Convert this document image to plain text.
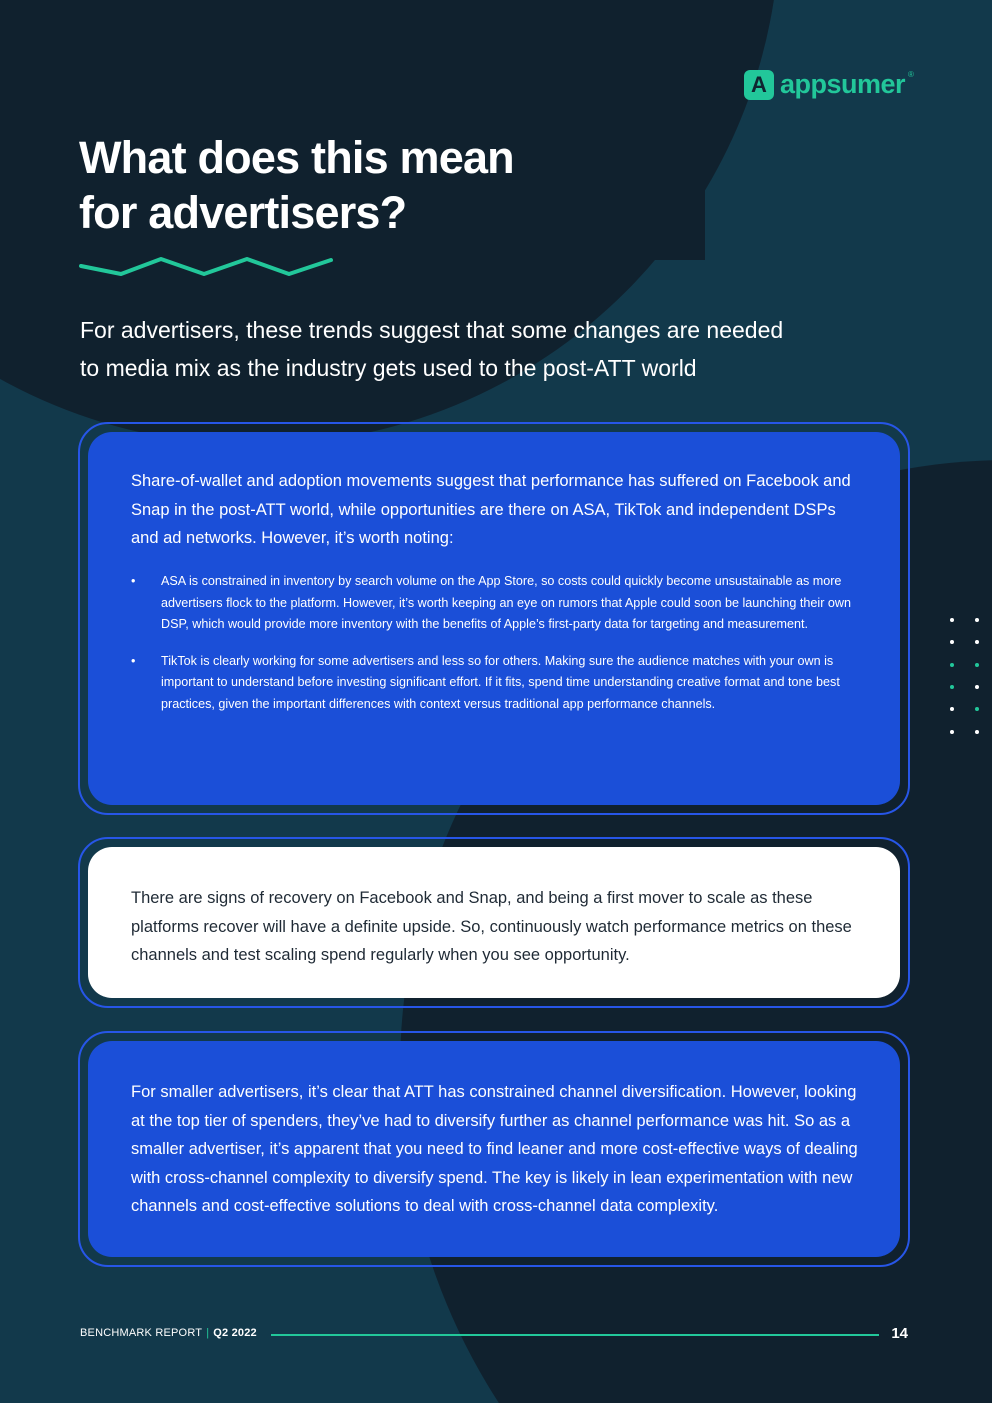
A appsumer ®
What does this mean
for advertisers?

For advertisers, these trends suggest that some changes are needed
to media mix as the industry gets used to the post-ATT world

Share-of-wallet and adoption movements suggest that performance has suffered on Facebook and Snap in the post-ATT world, while opportunities are there on ASA, TikTok and independent DSPs and ad networks. However, it’s worth noting:

• ASA is constrained in inventory by search volume on the App Store, so costs could quickly become unsustainable as more advertisers flock to the platform. However, it’s worth keeping an eye on rumors that Apple could soon be launching their own DSP, which would provide more inventory with the benefits of Apple’s first-party data for targeting and measurement.
• TikTok is clearly working for some advertisers and less so for others. Making sure the audience matches with your own is important to understand before investing significant effort. If it fits, spend time understanding creative format and tone best practices, given the important differences with context versus traditional app performance channels.

There are signs of recovery on Facebook and Snap, and being a first mover to scale as these platforms recover will have a definite upside. So, continuously watch performance metrics on these channels and test scaling spend regularly when you see opportunity.

For smaller advertisers, it’s clear that ATT has constrained channel diversification. However, looking at the top tier of spenders, they’ve had to diversify further as channel performance was hit. So as a smaller advertiser, it’s apparent that you need to find leaner and more cost-effective ways of dealing with cross-channel complexity to diversify spend. The key is likely in lean experimentation with new channels and cost-effective solutions to deal with cross-channel data complexity.

BENCHMARK REPORT | Q2 2022	14
